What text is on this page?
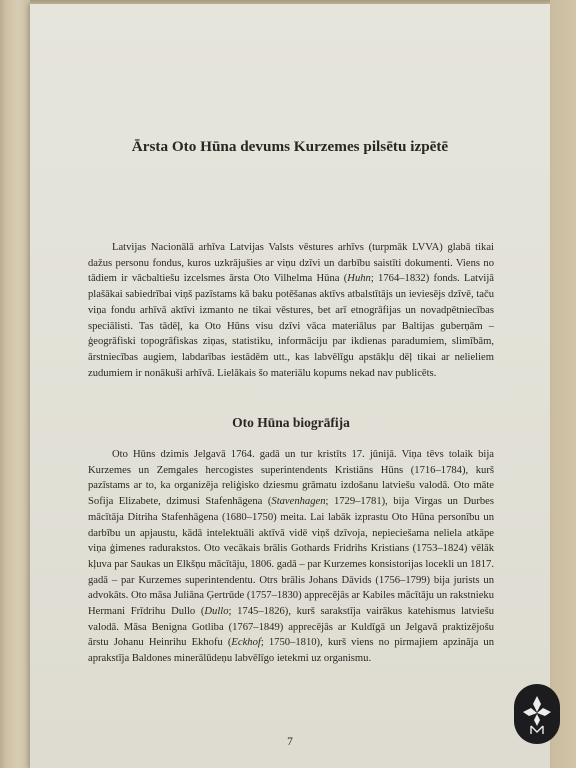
Ārsta Oto Hūna devums Kurzemes pilsētu izpētē

Latvijas Nacionālā arhīva Latvijas Valsts vēstures arhīvs (turpmāk LVVA) glabā tikai dažus personu fondus, kuros uzkrājušies ar viņu dzīvi un darbību saistīti dokumenti. Viens no tādiem ir vācbaltiešu izcelsmes ārsta Oto Vilhelma Hūna (Huhn; 1764–1832) fonds. Latvijā plašākai sabiedrībai viņš pazīstams kā baku potēšanas aktīvs atbalstītājs un ieviesējs dzīvē, taču viņa fondu arhīvā aktīvi izmanto ne tikai vēstures, bet arī etnogrāfijas un novadpētniecības speciālisti. Tas tādēļ, ka Oto Hūns visu dzīvi vāca materiālus par Baltijas guberņām – ģeogrāfiski topogrāfiskas ziņas, statistiku, informāciju par ikdienas paradumiem, slimībām, ārstniecības augiem, labdarības iestādēm utt., kas labvēlīgu apstākļu dēļ tikai ar nelieliem zudumiem ir nonākuši arhīvā. Lielākais šo materiālu kopums nekad nav publicēts.

Oto Hūna biogrāfija

Oto Hūns dzimis Jelgavā 1764. gadā un tur kristīts 17. jūnijā. Viņa tēvs tolaik bija Kurzemes un Zemgales hercogistes superintendents Kristiāns Hūns (1716–1784), kurš pazīstams ar to, ka organizēja reliģisko dziesmu grāmatu izdošanu latviešu valodā. Oto māte Sofija Elizabete, dzimusi Stafenhāgena (Stavenhagen; 1729–1781), bija Virgas un Durbes mācītāja Ditriha Stafenhāgena (1680–1750) meita. Lai labāk izprastu Oto Hūna personību un darbību un apjaustu, kādā intelektuāli aktīvā vidē viņš dzīvoja, nepieciešama neliela atkāpe viņa ģimenes radurakstos. Oto vecākais brālis Gothards Fridrihs Kristians (1753–1824) vēlāk kļuva par Saukas un Elkšņu mācītāju, 1806. gadā – par Kurzemes konsistorijas locekli un 1817. gadā – par Kurzemes superintendentu. Otrs brālis Johans Dāvids (1756–1799) bija jurists un advokāts. Oto māsa Juliāna Ģertrūde (1757–1830) apprecējās ar Kabiles mācītāju un rakstnieku Hermani Frīdrihu Dullo (Dullo; 1745–1826), kurš sarakstīja vairākus katehismus latviešu valodā. Māsa Benigna Gotliba (1767–1849) apprecējās ar Kuldīgā un Jelgavā praktizējošu ārstu Johanu Heinrihu Ekhofu (Eckhof; 1750–1810), kurš viens no pirmajiem apzināja un aprakstīja Baldones minerālūdeņu labvēlīgo ietekmi uz organismu.

7
